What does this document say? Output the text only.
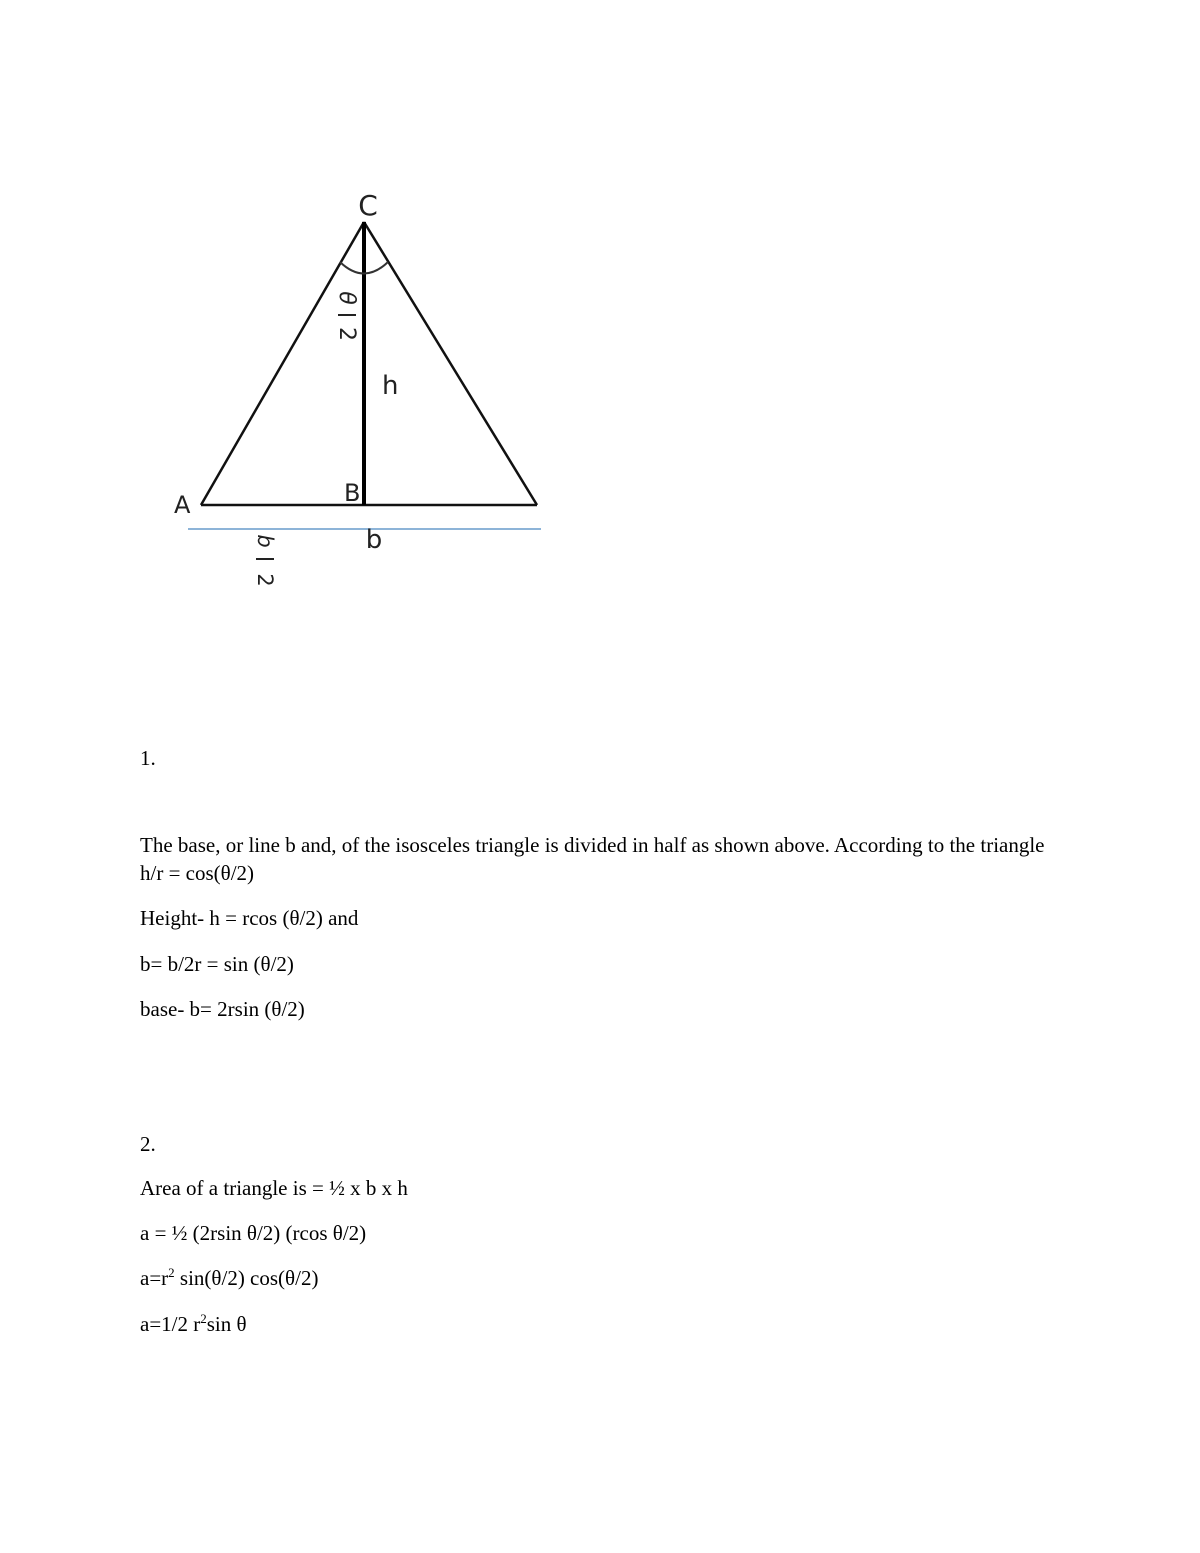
C
A	B
θ
2
h
b
b
2
1.
The base, or line b and, of the isosceles triangle is divided in half as shown above. According to the triangle h/r = cos(θ/2)
Height- h = rcos (θ/2) and
b= b/2r = sin (θ/2)
base- b= 2rsin (θ/2)
2.
Area of a triangle is = ½ x b x h
a = ½ (2rsin θ/2) (rcos θ/2)
$a=r^2$ sin(θ/2) cos(θ/2)
a=1/2 $r^2\sin$ θ
